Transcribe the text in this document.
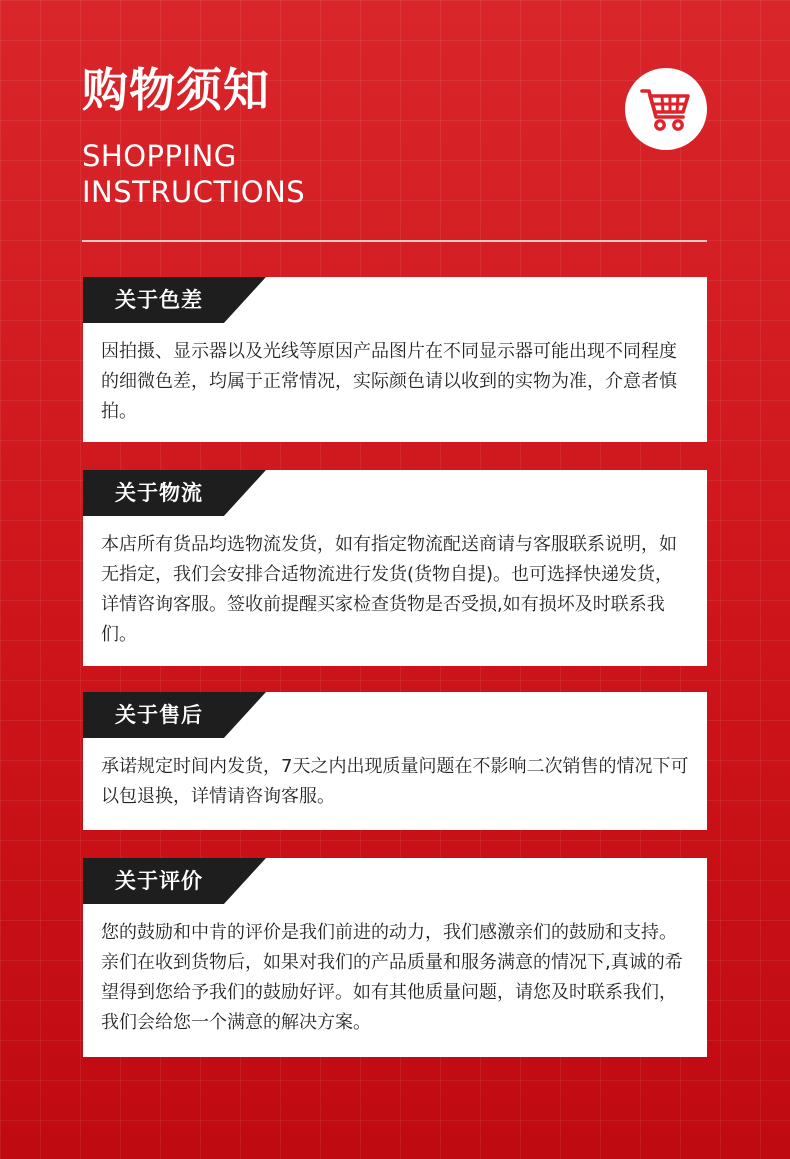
购物须知
SHOPPING
INSTRUCTIONS
关于色差

因拍摄、显示器以及光线等原因产品图片在不同显示器可能出现不同程度的细微色差，均属于正常情况，实际颜色请以收到的实物为准，介意者慎拍。

关于物流

本店所有货品均选物流发货，如有指定物流配送商请与客服联系说明，如无指定，我们会安排合适物流进行发货(货物自提)。也可选择快递发货，详情咨询客服。签收前提醒买家检查货物是否受损,如有损坏及时联系我们。

关于售后

承诺规定时间内发货，7天之内出现质量问题在不影响二次销售的情况下可以包退换，详情请咨询客服。

关于评价

您的鼓励和中肯的评价是我们前进的动力，我们感激亲们的鼓励和支持。亲们在收到货物后，如果对我们的产品质量和服务满意的情况下,真诚的希望得到您给予我们的鼓励好评。如有其他质量问题，请您及时联系我们，我们会给您一个满意的解决方案。
